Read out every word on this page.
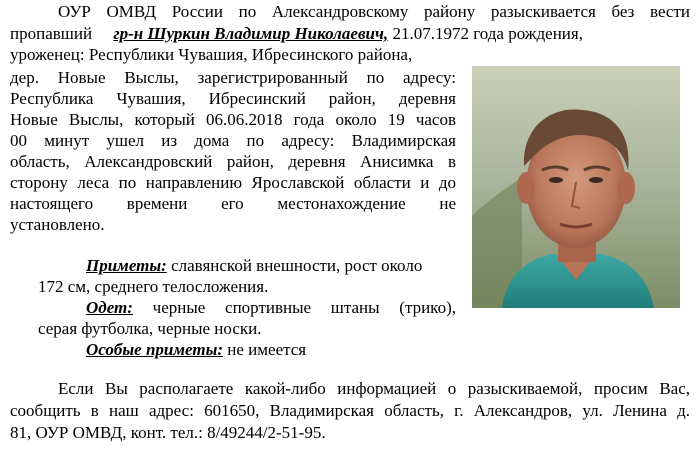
ОУР ОМВД России по Александровскому району разыскивается без вести
пропавший гр-н Шуркин Владимир Николаевич, 21.07.1972 года рождения,
уроженец: Республики Чувашия, Ибресинского района,
дер. Новые Выслы, зарегистрированный по адресу:
Республика Чувашия, Ибресинский район, деревня
Новые Выслы, который 06.06.2018 года около 19 часов
00 минут ушел из дома по адресу: Владимирская
область, Александровский район, деревня Анисимка в
сторону леса по направлению Ярославской области и до
настоящего времени его местонахождение не
установлено.
Приметы: славянской внешности, рост около
172 см, среднего телосложения.
Одет: черные спортивные штаны (трико),
серая футболка, черные носки.
Особые приметы: не имеется
Если Вы располагаете какой-либо информацией о разыскиваемой, просим Вас,
сообщить в наш адрес: 601650, Владимирская область, г. Александров, ул. Ленина д.
81, ОУР ОМВД, конт. тел.: 8/49244/2-51-95.
